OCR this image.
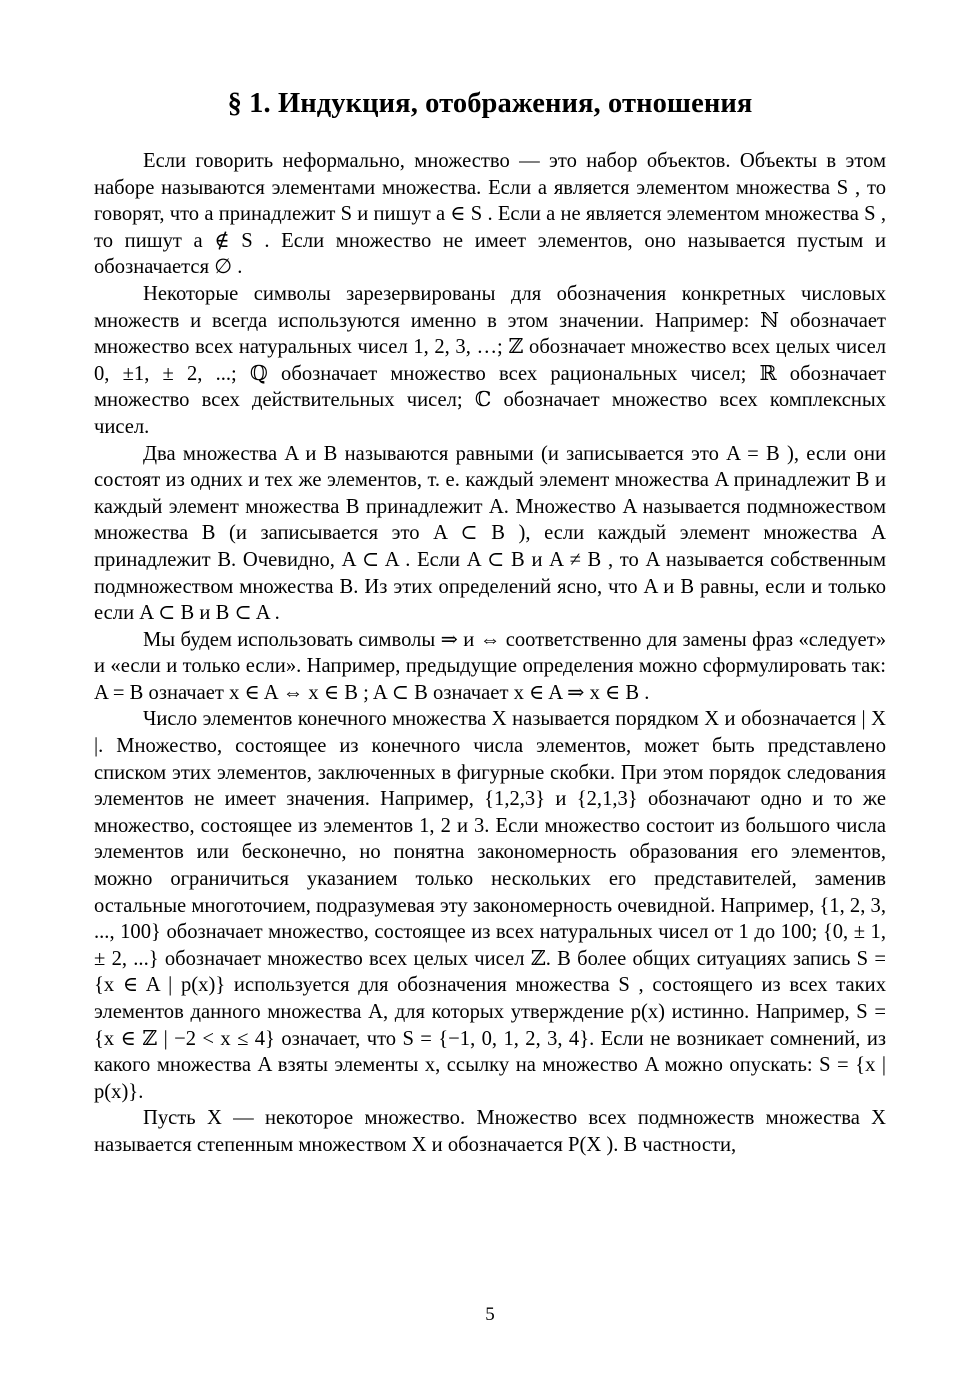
§ 1. Индукция, отображения, отношения

Если говорить неформально, множество — это набор объектов. Объекты в этом наборе называются элементами множества. Если a является элементом множества S , то говорят, что a принадлежит S и пишут a ∈ S . Если a не является элементом множества S , то пишут a ∉ S . Если множество не имеет элементов, оно называется пустым и обозначается ∅ .

Некоторые символы зарезервированы для обозначения конкретных числовых множеств и всегда используются именно в этом значении. Например: ℕ обозначает множество всех натуральных чисел 1, 2, 3, …; ℤ обозначает множество всех целых чисел 0, ±1, ± 2, ...; ℚ обозначает множество всех рациональных чисел; ℝ обозначает множество всех действительных чисел; ℂ обозначает множество всех комплексных чисел.

Два множества A и B называются равными (и записывается это A = B ), если они состоят из одних и тех же элементов, т. е. каждый элемент множества A принадлежит B и каждый элемент множества B принадлежит A. Множество A называется подмножеством множества B (и записывается это A ⊂ B ), если каждый элемент множества A принадлежит B. Очевидно, A ⊂ A . Если A ⊂ B и A ≠ B , то A называется собственным подмножеством множества B. Из этих определений ясно, что A и B равны, если и только если A ⊂ B и B ⊂ A .

Мы будем использовать символы ⇒ и ⇔ соответственно для замены фраз «следует» и «если и только если». Например, предыдущие определения можно сформулировать так: A = B означает x ∈ A ⇔ x ∈ B ; A ⊂ B означает x ∈ A ⇒ x ∈ B .

Число элементов конечного множества X называется порядком X и обозначается | X |. Множество, состоящее из конечного числа элементов, может быть представлено списком этих элементов, заключенных в фигурные скобки. При этом порядок следования элементов не имеет значения. Например, {1,2,3} и {2,1,3} обозначают одно и то же множество, состоящее из элементов 1, 2 и 3. Если множество состоит из большого числа элементов или бесконечно, но понятна закономерность образования его элементов, можно ограничиться указанием только нескольких его представителей, заменив остальные многоточием, подразумевая эту закономерность очевидной. Например, {1, 2, 3, ..., 100} обозначает множество, состоящее из всех натуральных чисел от 1 до 100; {0, ± 1, ± 2, ...} обозначает множество всех целых чисел ℤ. В более общих ситуациях запись S = {x ∈ A | p(x)} используется для обозначения множества S , состоящего из всех таких элементов данного множества A, для которых утверждение p(x) истинно. Например, S = {x ∈ ℤ | −2 < x ≤ 4} означает, что S = {−1, 0, 1, 2, 3, 4}. Если не возникает сомнений, из какого множества A взяты элементы x, ссылку на множество A можно опускать: S = {x | p(x)}.

Пусть X — некоторое множество. Множество всех подмножеств множества X называется степенным множеством X и обозначается P(X ). В частности,

5
